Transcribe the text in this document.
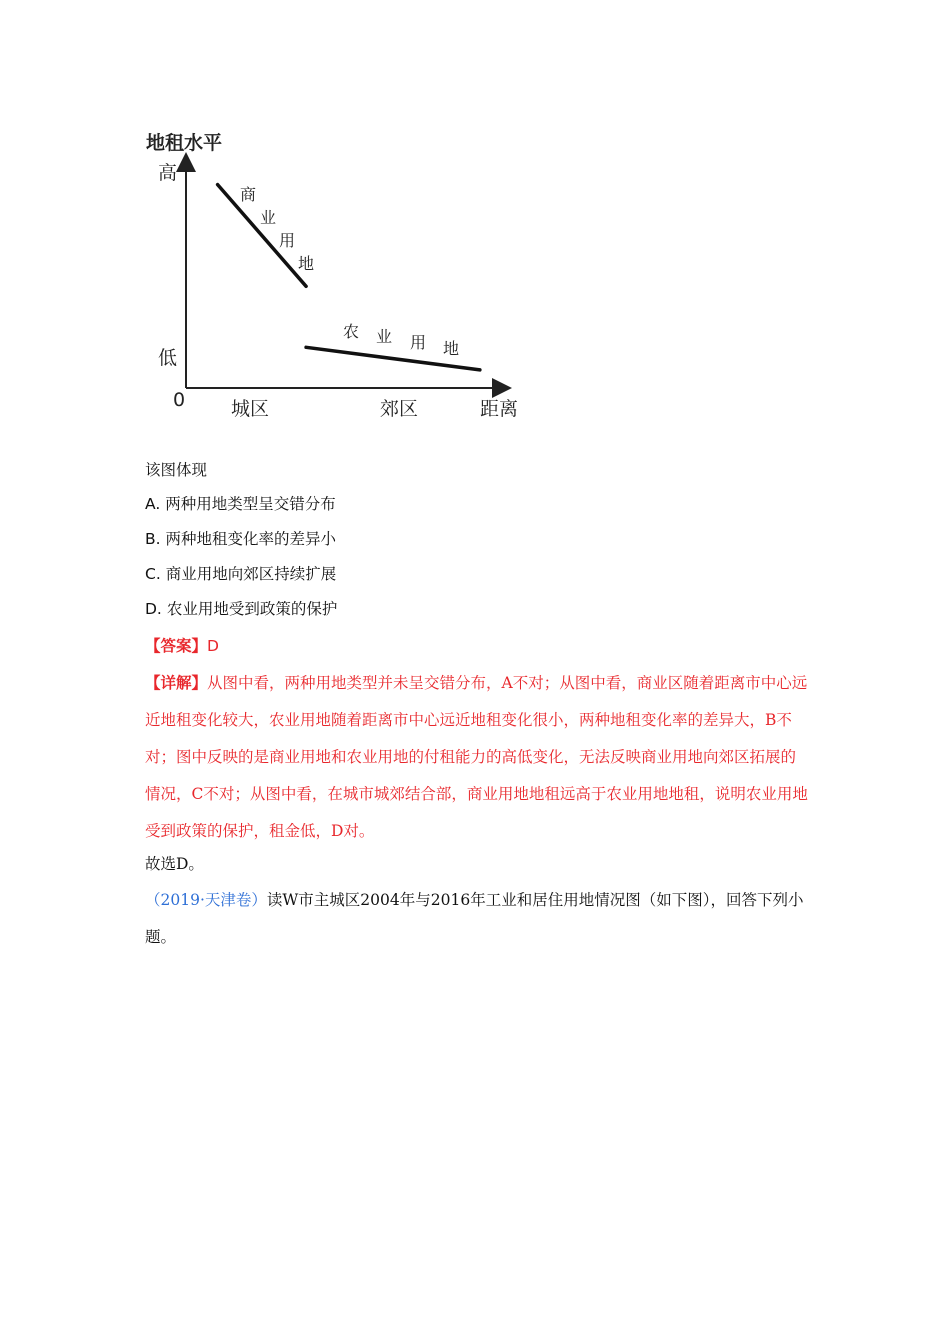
地租水平
高
低
0 城区	郊区	距离
商
业
用
地
农 业 用 地
该图体现
A. 两种用地类型呈交错分布
B. 两种地租变化率的差异小
C. 商业用地向郊区持续扩展
D. 农业用地受到政策的保护
【答案】D
【详解】从图中看，两种用地类型并未呈交错分布，A不对；从图中看，商业区随着距离市中心远近地租变化较大，农业用地随着距离市中心远近地租变化很小，两种地租变化率的差异大，B不对；图中反映的是商业用地和农业用地的付租能力的高低变化，无法反映商业用地向郊区拓展的情况，C不对；从图中看，在城市城郊结合部，商业用地地租远高于农业用地地租，说明农业用地受到政策的保护，租金低，D对。
故选D。
（2019·天津卷）读W市主城区2004年与2016年工业和居住用地情况图（如下图），回答下列小题。
